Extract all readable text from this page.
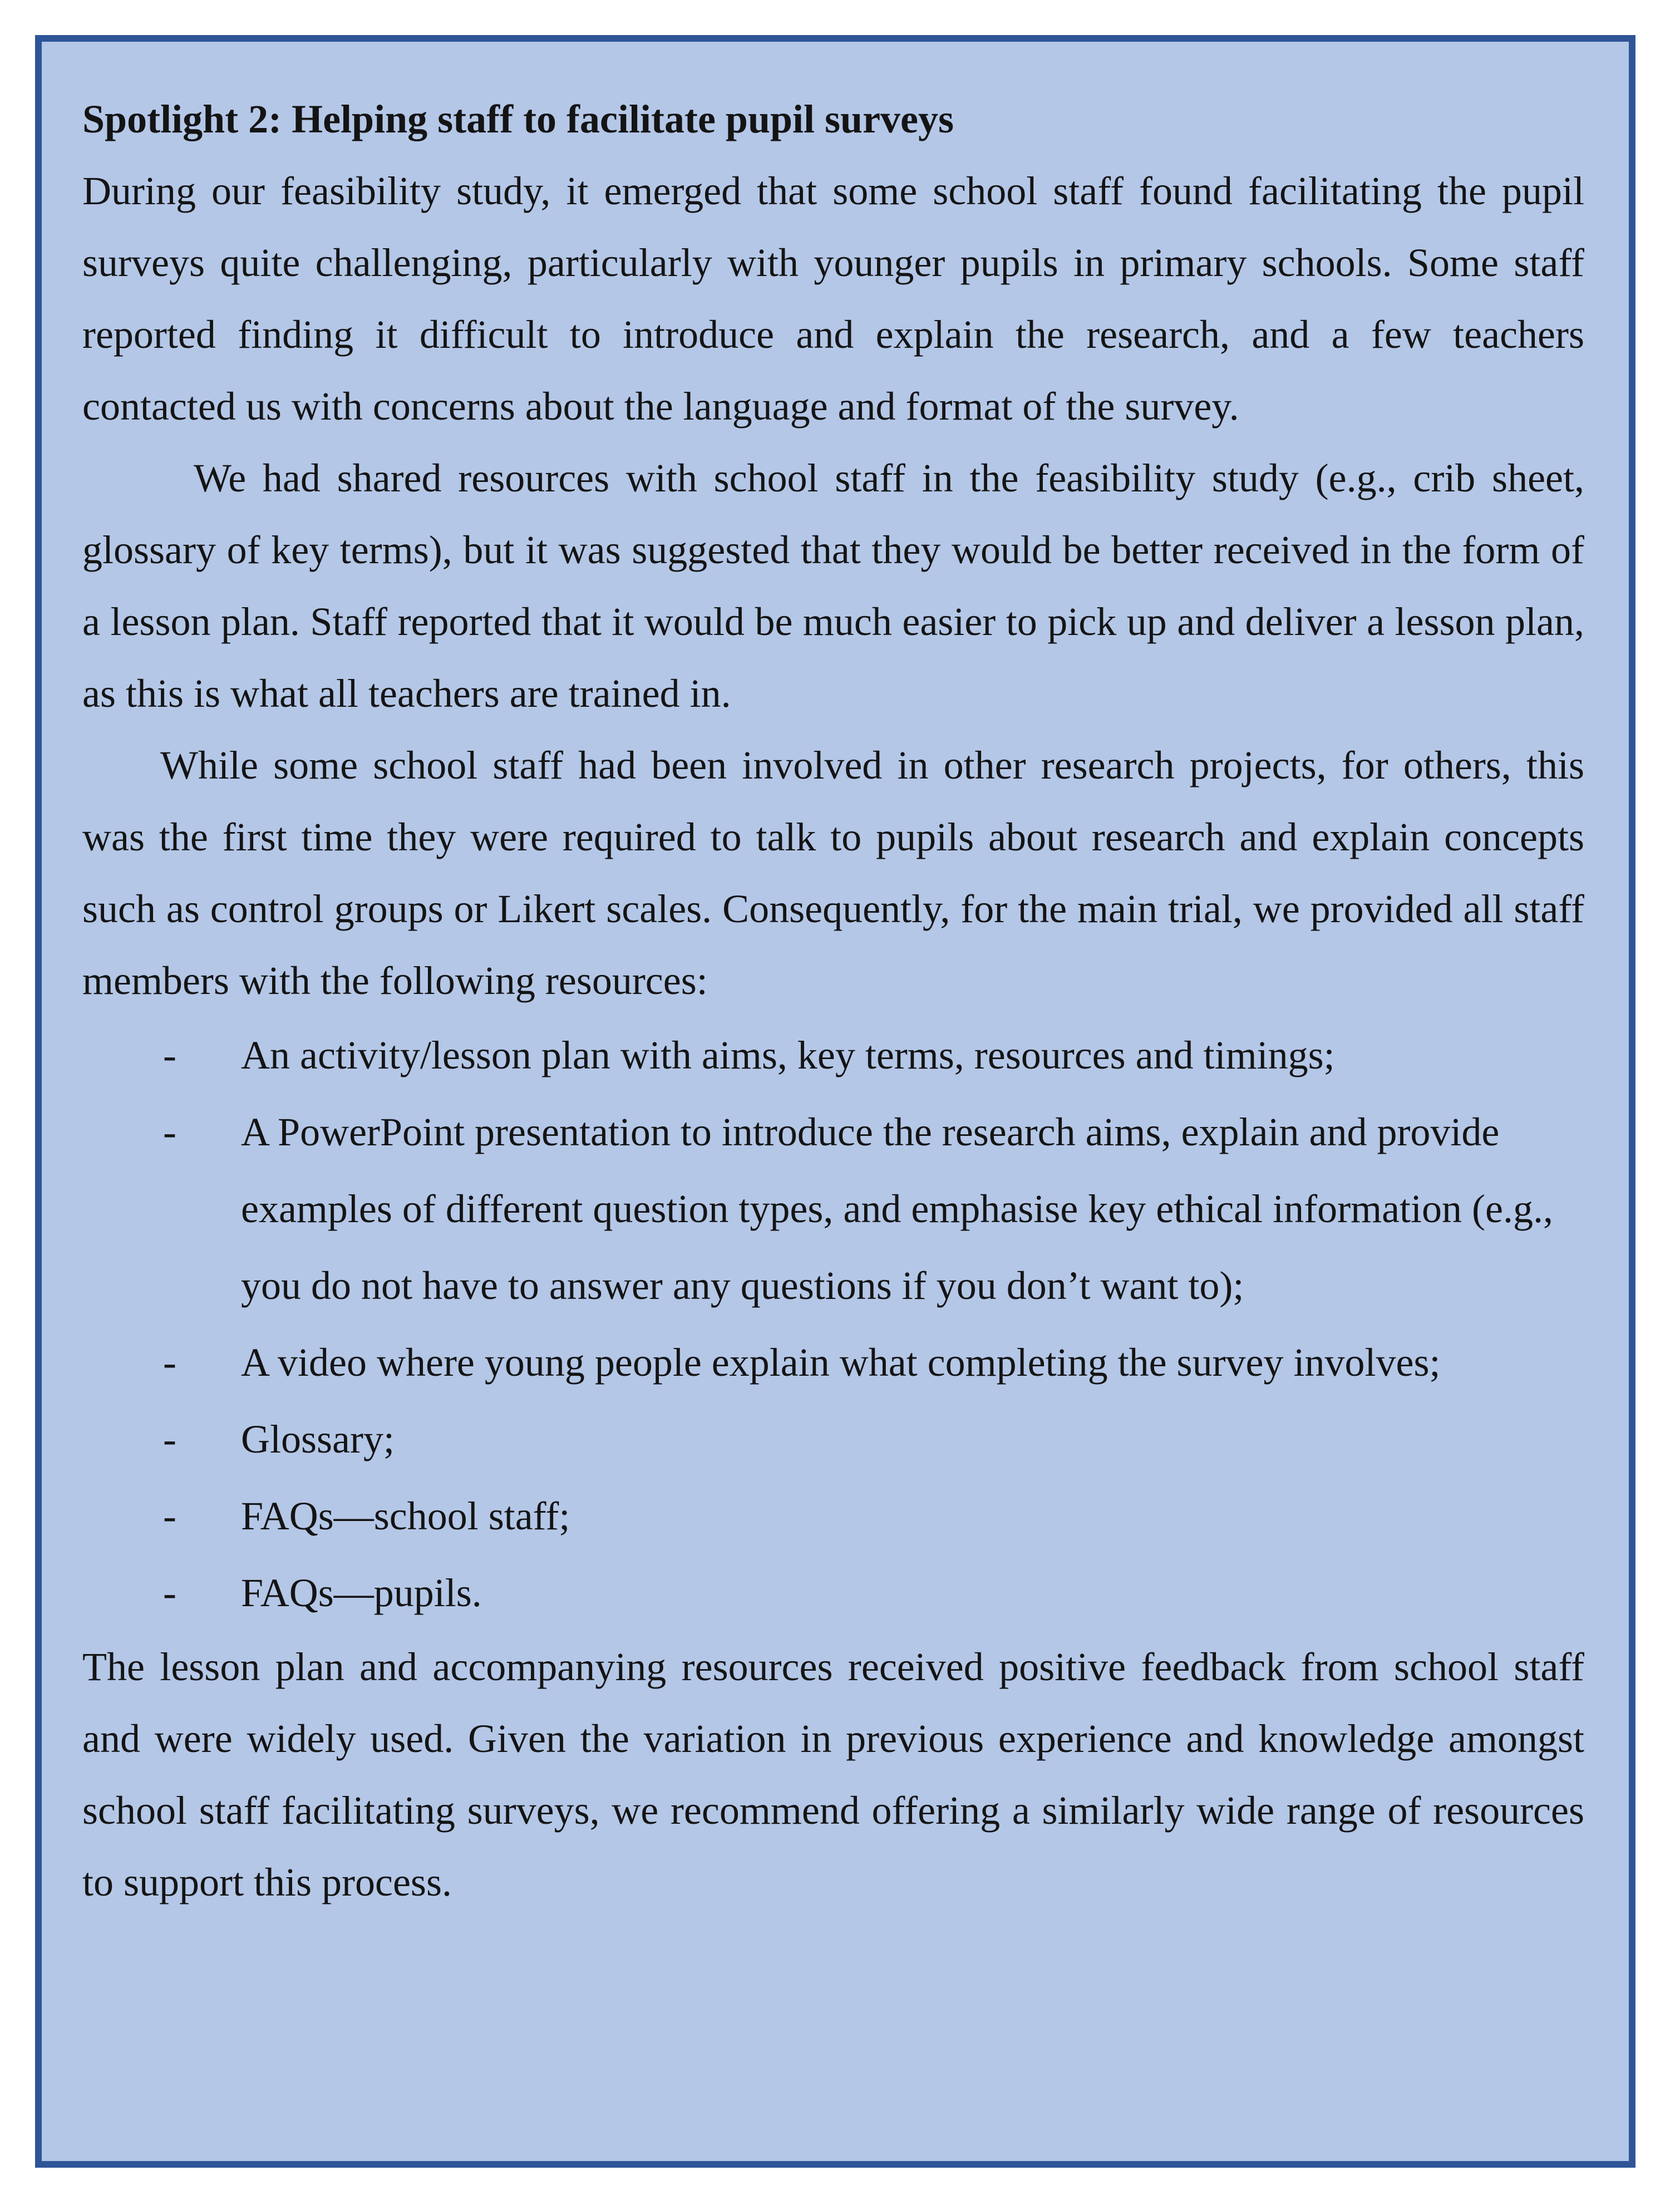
Spotlight 2: Helping staff to facilitate pupil surveys

During our feasibility study, it emerged that some school staff found facilitating the pupil surveys quite challenging, particularly with younger pupils in primary schools. Some staff reported finding it difficult to introduce and explain the research, and a few teachers contacted us with concerns about the language and format of the survey.

We had shared resources with school staff in the feasibility study (e.g., crib sheet, glossary of key terms), but it was suggested that they would be better received in the form of a lesson plan. Staff reported that it would be much easier to pick up and deliver a lesson plan, as this is what all teachers are trained in.

While some school staff had been involved in other research projects, for others, this was the first time they were required to talk to pupils about research and explain concepts such as control groups or Likert scales. Consequently, for the main trial, we provided all staff members with the following resources:

- An activity/lesson plan with aims, key terms, resources and timings;
- A PowerPoint presentation to introduce the research aims, explain and provide examples of different question types, and emphasise key ethical information (e.g., you do not have to answer any questions if you don’t want to);
- A video where young people explain what completing the survey involves;
- Glossary;
- FAQs—school staff;
- FAQs—pupils.

The lesson plan and accompanying resources received positive feedback from school staff and were widely used. Given the variation in previous experience and knowledge amongst school staff facilitating surveys, we recommend offering a similarly wide range of resources to support this process.
